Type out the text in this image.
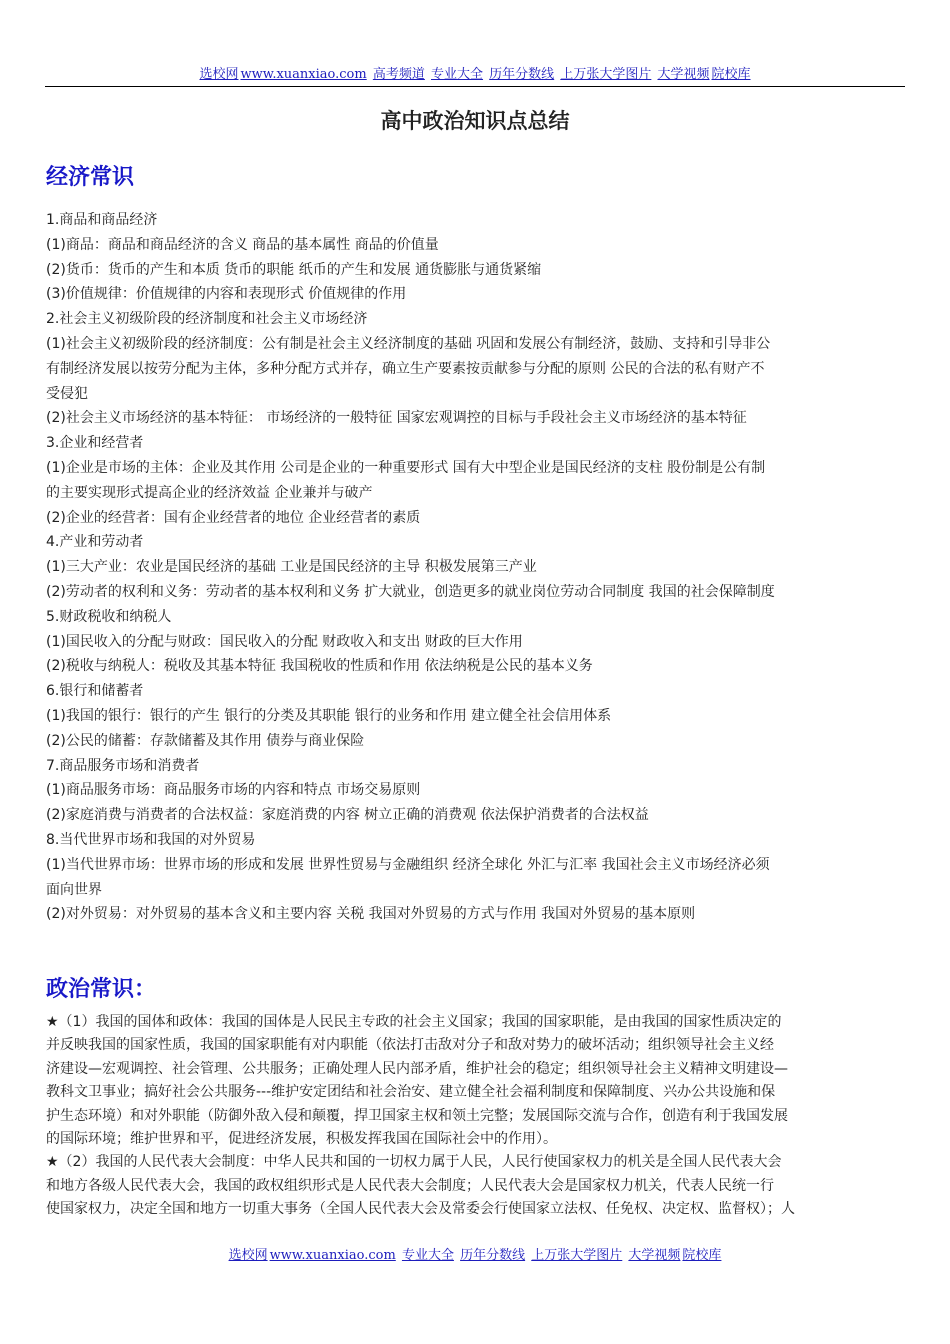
选校网 www.xuanxiao.com 高考频道 专业大全 历年分数线 上万张大学图片 大学视频 院校库
高中政治知识点总结
经济常识
1.商品和商品经济
(1)商品：商品和商品经济的含义 商品的基本属性 商品的价值量
(2)货币：货币的产生和本质 货币的职能 纸币的产生和发展 通货膨胀与通货紧缩
(3)价值规律：价值规律的内容和表现形式 价值规律的作用
2.社会主义初级阶段的经济制度和社会主义市场经济
(1)社会主义初级阶段的经济制度：公有制是社会主义经济制度的基础 巩固和发展公有制经济，鼓励、支持和引导非公
有制经济发展以按劳分配为主体，多种分配方式并存，确立生产要素按贡献参与分配的原则 公民的合法的私有财产不
受侵犯
(2)社会主义市场经济的基本特征： 市场经济的一般特征 国家宏观调控的目标与手段社会主义市场经济的基本特征
3.企业和经营者
(1)企业是市场的主体：企业及其作用 公司是企业的一种重要形式 国有大中型企业是国民经济的支柱 股份制是公有制
的主要实现形式提高企业的经济效益 企业兼并与破产
(2)企业的经营者：国有企业经营者的地位 企业经营者的素质
4.产业和劳动者
(1)三大产业：农业是国民经济的基础 工业是国民经济的主导 积极发展第三产业
(2)劳动者的权利和义务：劳动者的基本权利和义务 扩大就业，创造更多的就业岗位劳动合同制度 我国的社会保障制度
5.财政税收和纳税人
(1)国民收入的分配与财政：国民收入的分配 财政收入和支出 财政的巨大作用
(2)税收与纳税人：税收及其基本特征 我国税收的性质和作用 依法纳税是公民的基本义务
6.银行和储蓄者
(1)我国的银行：银行的产生 银行的分类及其职能 银行的业务和作用 建立健全社会信用体系
(2)公民的储蓄：存款储蓄及其作用 债券与商业保险
7.商品服务市场和消费者
(1)商品服务市场：商品服务市场的内容和特点 市场交易原则
(2)家庭消费与消费者的合法权益：家庭消费的内容 树立正确的消费观 依法保护消费者的合法权益
8.当代世界市场和我国的对外贸易
(1)当代世界市场：世界市场的形成和发展 世界性贸易与金融组织 经济全球化 外汇与汇率 我国社会主义市场经济必须
面向世界
(2)对外贸易：对外贸易的基本含义和主要内容 关税 我国对外贸易的方式与作用 我国对外贸易的基本原则
政治常识：
★（1）我国的国体和政体：我国的国体是人民民主专政的社会主义国家；我国的国家职能，是由我国的国家性质决定的
并反映我国的国家性质，我国的国家职能有对内职能（依法打击敌对分子和敌对势力的破坏活动；组织领导社会主义经
济建设—宏观调控、社会管理、公共服务；正确处理人民内部矛盾，维护社会的稳定；组织领导社会主义精神文明建设—
教科文卫事业；搞好社会公共服务---维护安定团结和社会治安、建立健全社会福利制度和保障制度、兴办公共设施和保
护生态环境）和对外职能（防御外敌入侵和颠覆，捍卫国家主权和领土完整；发展国际交流与合作，创造有利于我国发展
的国际环境；维护世界和平，促进经济发展，积极发挥我国在国际社会中的作用）。
★（2）我国的人民代表大会制度：中华人民共和国的一切权力属于人民，人民行使国家权力的机关是全国人民代表大会
和地方各级人民代表大会，我国的政权组织形式是人民代表大会制度；人民代表大会是国家权力机关，代表人民统一行
使国家权力，决定全国和地方一切重大事务（全国人民代表大会及常委会行使国家立法权、任免权、决定权、监督权）；人
选校网 www.xuanxiao.com 专业大全 历年分数线 上万张大学图片 大学视频 院校库
